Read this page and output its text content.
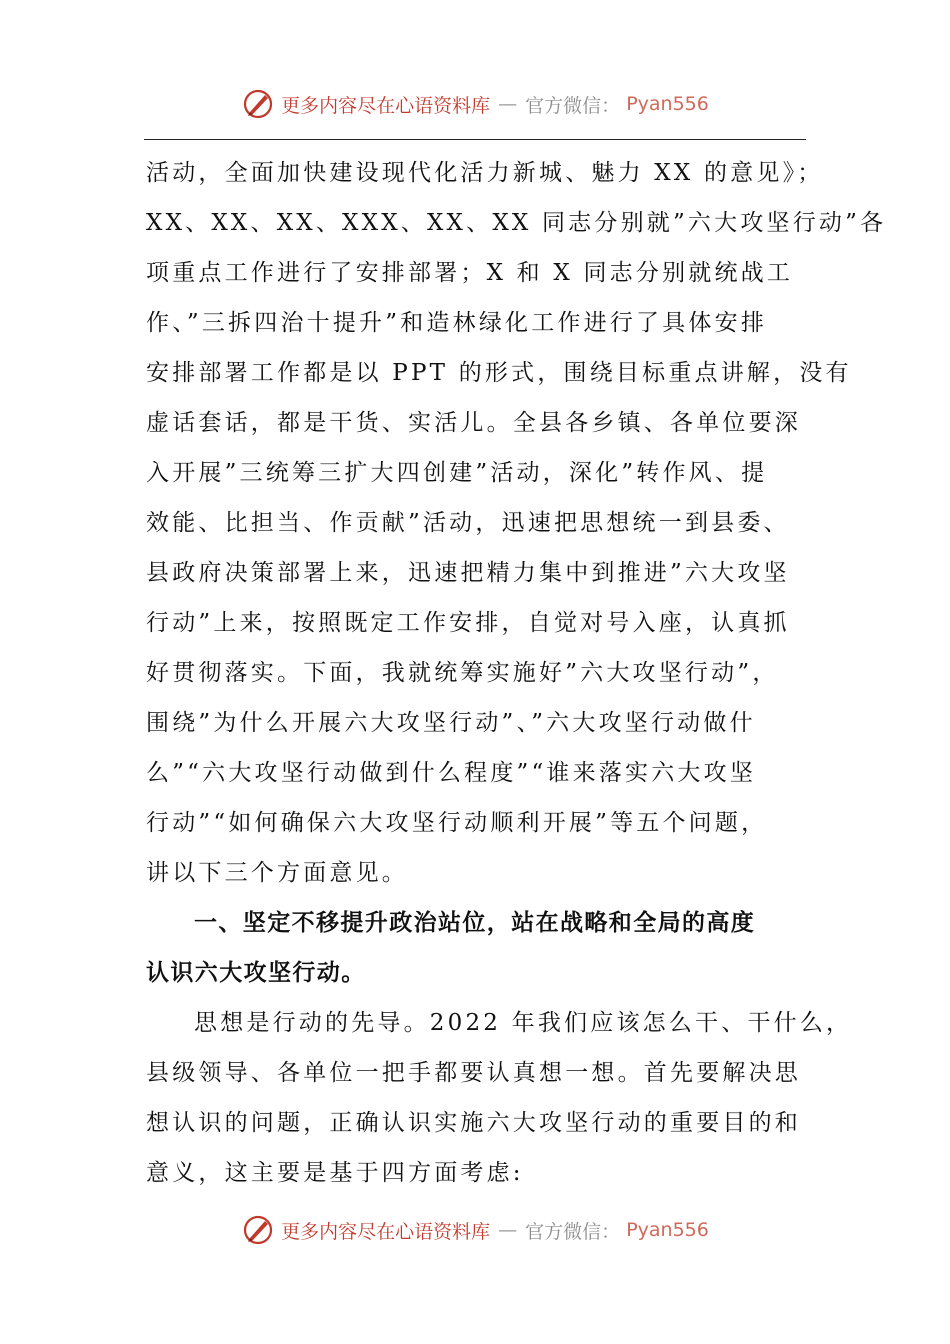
更多内容尽在心语资料库 — 官方微信： Pyan556
活动，全面加快建设现代化活力新城、魅力 XX 的意见》；
XX、XX、XX、XXX、XX、XX 同志分别就”六大攻坚行动”各
项重点工作进行了安排部署；X 和 X 同志分别就统战工
作、”三拆四治十提升”和造林绿化工作进行了具体安排
安排部署工作都是以 PPT 的形式，围绕目标重点讲解，没有
虚话套话，都是干货、实活儿。全县各乡镇、各单位要深
入开展”三统筹三扩大四创建”活动，深化”转作风、提
效能、比担当、作贡献”活动，迅速把思想统一到县委、
县政府决策部署上来，迅速把精力集中到推进”六大攻坚
行动”上来，按照既定工作安排，自觉对号入座，认真抓
好贯彻落实。下面，我就统筹实施好”六大攻坚行动”，
围绕”为什么开展六大攻坚行动”、”六大攻坚行动做什
么”“六大攻坚行动做到什么程度”“谁来落实六大攻坚
行动”“如何确保六大攻坚行动顺利开展”等五个问题，
讲以下三个方面意见。
一、坚定不移提升政治站位，站在战略和全局的高度
认识六大攻坚行动。
思想是行动的先导。2022 年我们应该怎么干、干什么，
县级领导、各单位一把手都要认真想一想。首先要解决思
想认识的问题，正确认识实施六大攻坚行动的重要目的和
意义，这主要是基于四方面考虑:
更多内容尽在心语资料库 — 官方微信： Pyan556
